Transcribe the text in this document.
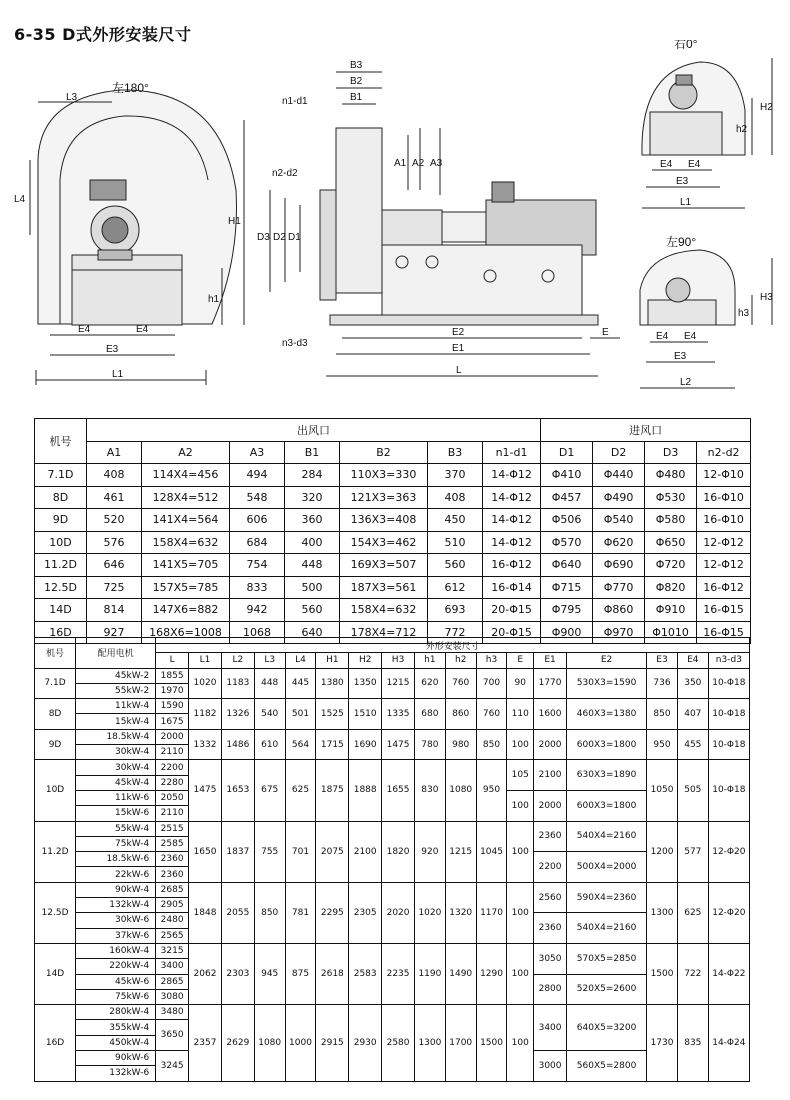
6-35 D式外形安装尺寸
左180°
L3
L4
H1
h1
E4	E4
E3
L1
B3
B2
B1
n1-d1
A1 A2 A3
n2-d2
D3 D2 D1
n3-d3
E2
E1
E
L
右0°
H2
h2
E4 E4
E3
L1
左90°
H3
h3
E4 E4
E3
L2
机号	出风口							进风口			
	A1	A2	A3	B1	B2	B3	n1-d1	D1	D2	D3	n2-d2
7.1D	408	114X4=456	494	284	110X3=330	370	14-Φ12	Φ410	Φ440	Φ480	12-Φ10
8D	461	128X4=512	548	320	121X3=363	408	14-Φ12	Φ457	Φ490	Φ530	16-Φ10
9D	520	141X4=564	606	360	136X3=408	450	14-Φ12	Φ506	Φ540	Φ580	16-Φ10
10D	576	158X4=632	684	400	154X3=462	510	14-Φ12	Φ570	Φ620	Φ650	12-Φ12
11.2D	646	141X5=705	754	448	169X3=507	560	16-Φ12	Φ640	Φ690	Φ720	12-Φ12
12.5D	725	157X5=785	833	500	187X3=561	612	16-Φ14	Φ715	Φ770	Φ820	16-Φ12
14D	814	147X6=882	942	560	158X4=632	693	20-Φ15	Φ795	Φ860	Φ910	16-Φ15
16D	927	168X6=1008	1068	640	178X4=712	772	20-Φ15	Φ900	Φ970	Φ1010	16-Φ15
机号	配用电机	外形安装尺寸																
		L	L1	L2	L3	L4	H1	H2	H3	h1	h2	h3	E	E1	E2	E3	E4	n3-d3
7.1D	45kW-2	1855	1020	1183	448	445	1380	1350	1215	620	760	700	90	1770	530X3=1590	736	350	10-Φ18
	55kW-2	1970																
8D	11kW-4	1590	1182	1326	540	501	1525	1510	1335	680	860	760	110	1600	460X3=1380	850	407	10-Φ18
	15kW-4	1675																
9D	18.5kW-4	2000	1332	1486	610	564	1715	1690	1475	780	980	850	100	2000	600X3=1800	950	455	10-Φ18
	30kW-4	2110																
10D	30kW-4	2200	1475	1653	675	625	1875	1888	1655	830	1080	950	105	2100	630X3=1890	1050	505	10-Φ18
	45kW-4	2280																
	11kW-6	2050											100	2000	600X3=1800			
	15kW-6	2110																
11.2D	55kW-4	2515	1650	1837	755	701	2075	2100	1820	920	1215	1045	100	2360	540X4=2160	1200	577	12-Φ20
	75kW-4	2585																
	18.5kW-6	2360												2200	500X4=2000			
	22kW-6	2360																
12.5D	90kW-4	2685	1848	2055	850	781	2295	2305	2020	1020	1320	1170	100	2560	590X4=2360	1300	625	12-Φ20
	132kW-4	2905																
	30kW-6	2480												2360	540X4=2160			
	37kW-6	2565																
14D	160kW-4	3215	2062	2303	945	875	2618	2583	2235	1190	1490	1290	100	3050	570X5=2850	1500	722	14-Φ22
	220kW-4	3400																
	45kW-6	2865												2800	520X5=2600			
	75kW-6	3080																
16D	280kW-4	3480	2357	2629	1080	1000	2915	2930	2580	1300	1700	1500	100	3400	640X5=3200	1730	835	14-Φ24
	355kW-4	3650																
	450kW-4																	
	90kW-6	3245												3000	560X5=2800			
	132kW-6																	
